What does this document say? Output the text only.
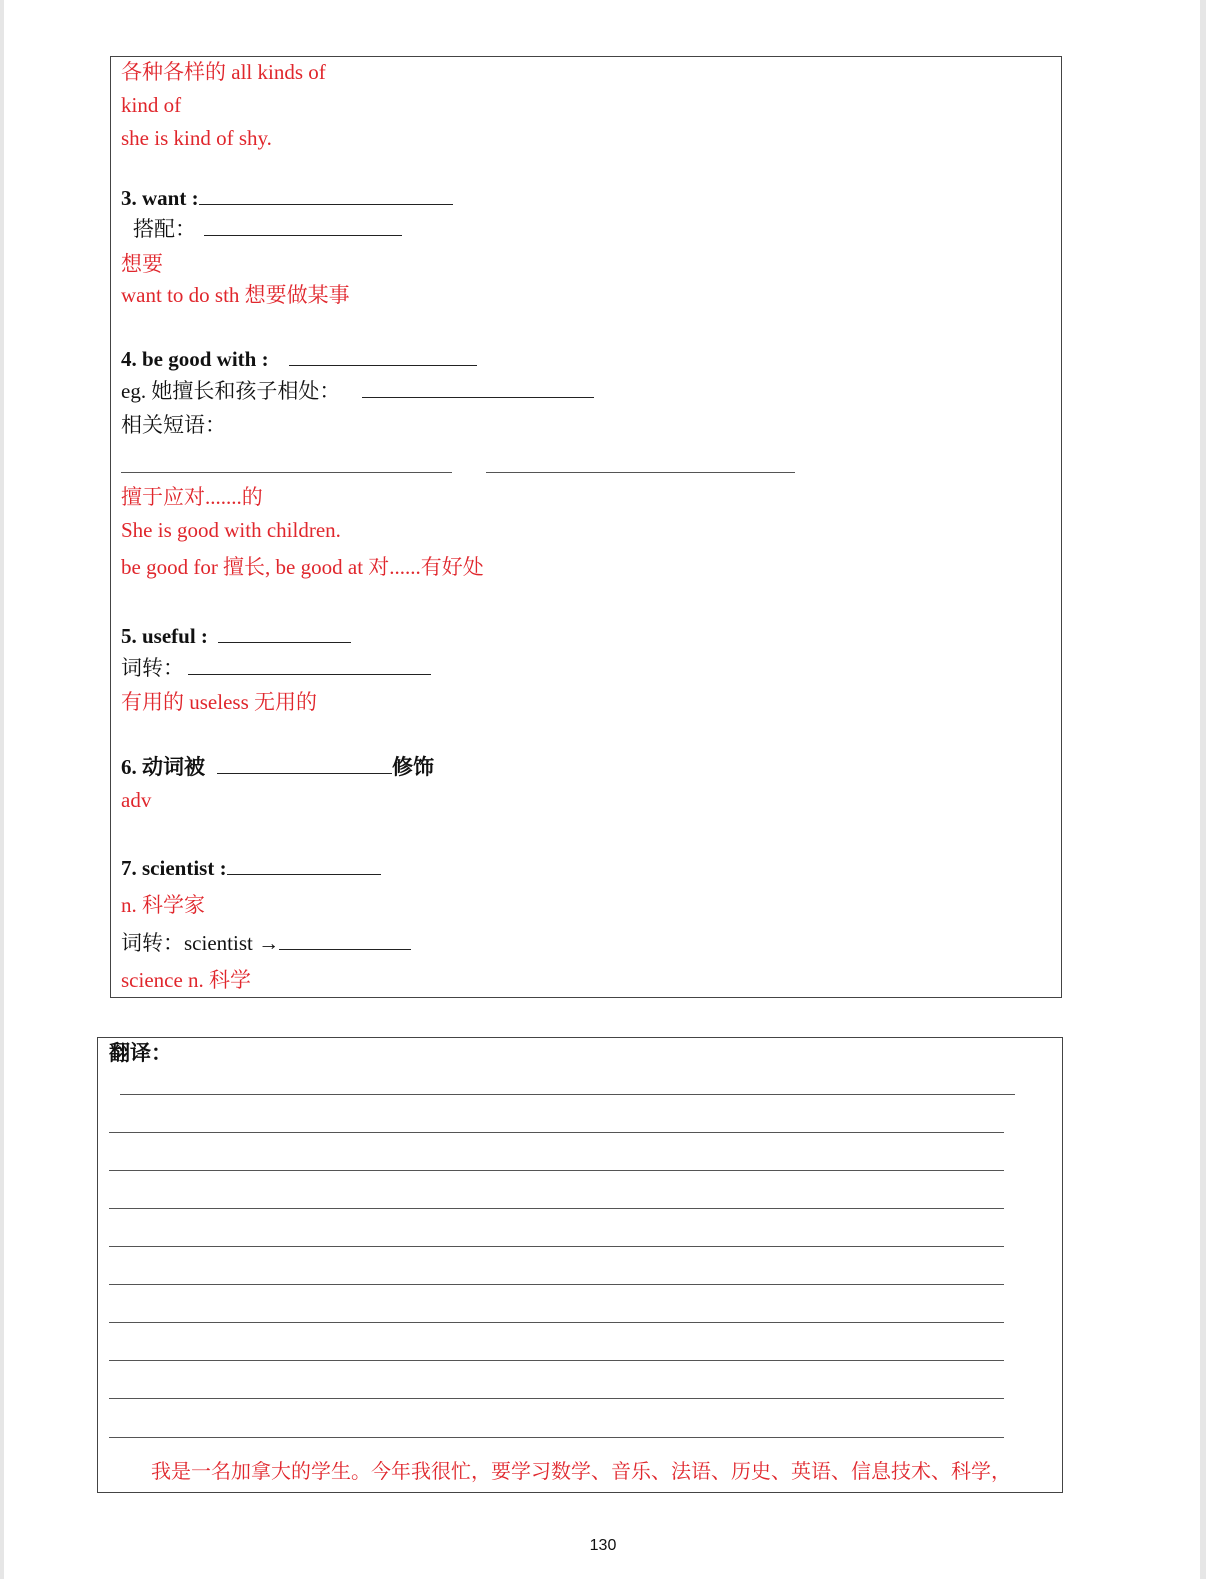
各种各样的 all kinds of
kind of
she is kind of shy.
3. want :
搭配：
想要
want to do sth 想要做某事
4. be good with :
eg. 她擅长和孩子相处：
相关短语：
擅于应对.......的
She is good with children.
be good for 擅长, be good at 对......有好处
5. useful :
词转：
有用的 useless 无用的
6. 动词被	修饰
adv
7. scientist :
n. 科学家
词转：scientist →
science n. 科学
翻译：
我是一名加拿大的学生。今年我很忙，要学习数学、音乐、法语、历史、英语、信息技术、科学，
130
